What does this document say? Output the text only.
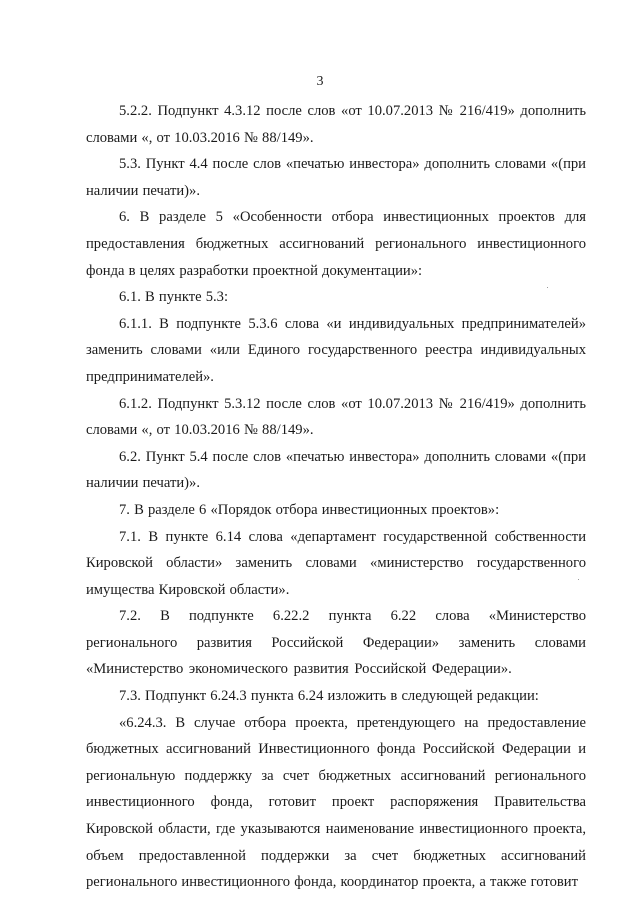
3

5.2.2. Подпункт 4.3.12 после слов «от 10.07.2013 № 216/419» дополнить словами «, от 10.03.2016 № 88/149».

5.3. Пункт 4.4 после слов «печатью инвестора» дополнить словами «(при наличии печати)».

6. В разделе 5 «Особенности отбора инвестиционных проектов для предоставления бюджетных ассигнований регионального инвестиционного фонда в целях разработки проектной документации»:

6.1. В пункте 5.3:

6.1.1. В подпункте 5.3.6 слова «и индивидуальных предпринимателей» заменить словами «или Единого государственного реестра индивидуальных предпринимателей».

6.1.2. Подпункт 5.3.12 после слов «от 10.07.2013 № 216/419» дополнить словами «, от 10.03.2016 № 88/149».

6.2. Пункт 5.4 после слов «печатью инвестора» дополнить словами «(при наличии печати)».

7. В разделе 6 «Порядок отбора инвестиционных проектов»:

7.1. В пункте 6.14 слова «департамент государственной собственности Кировской области» заменить словами «министерство государственного имущества Кировской области».

7.2. В подпункте 6.22.2 пункта 6.22 слова «Министерство регионального развития Российской Федерации» заменить словами «Министерство экономического развития Российской Федерации».

7.3. Подпункт 6.24.3 пункта 6.24 изложить в следующей редакции:

«6.24.3. В случае отбора проекта, претендующего на предоставление бюджетных ассигнований Инвестиционного фонда Российской Федерации и региональную поддержку за счет бюджетных ассигнований регионального инвестиционного фонда, готовит проект распоряжения Правительства Кировской области, где указываются наименование инвестиционного проекта, объем предоставленной поддержки за счет бюджетных ассигнований регионального инвестиционного фонда, координатор проекта, а также готовит
